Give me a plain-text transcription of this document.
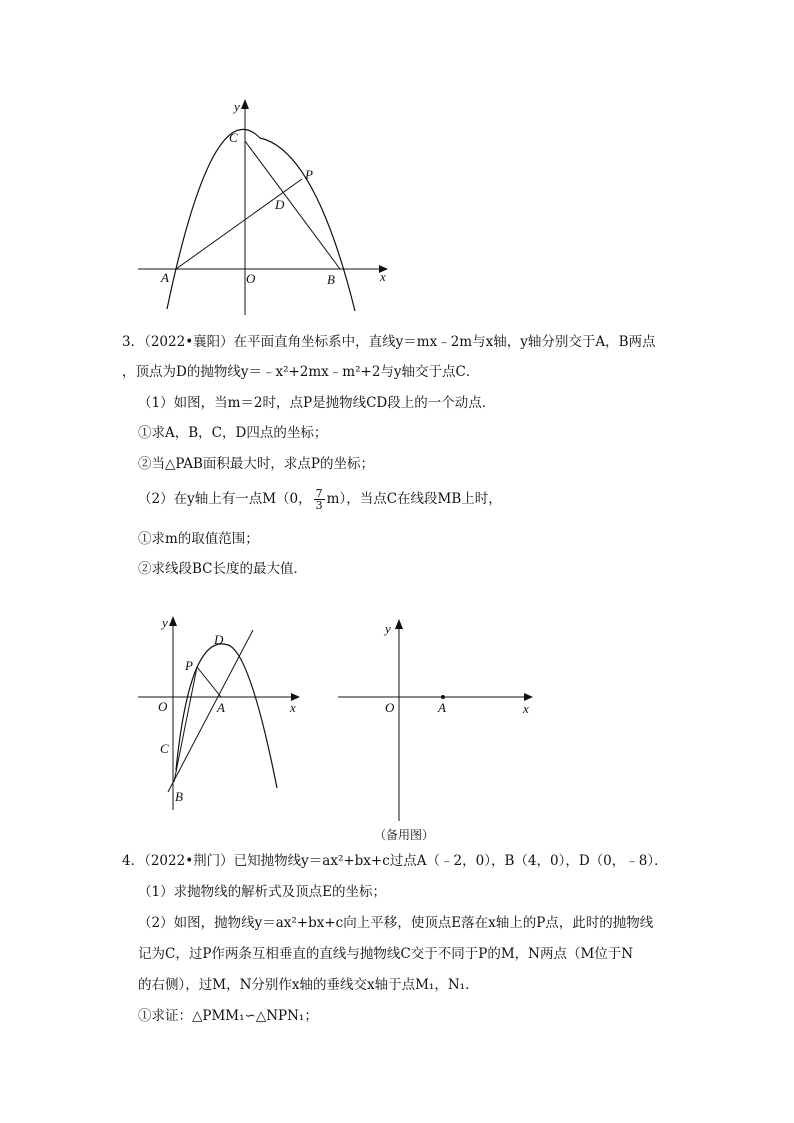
y
x
C
P
D
A	O	B
3．（2022•襄阳）在平面直角坐标系中，直线y＝mx﹣2m与x轴，y轴分别交于A，B两点
，顶点为D的抛物线y＝﹣x²+2mx﹣m²+2与y轴交于点C．
（1）如图，当m＝2时，点P是抛物线CD段上的一个动点．
①求A，B，C，D四点的坐标；
②当△PAB面积最大时，求点P的坐标；
（2）在y轴上有一点M（0， $\frac{7}{3} m$），当点C在线段MB上时，
①求m的取值范围；
②求线段BC长度的最大值．
y
x
D
P
O	A
C
B
y
x
O	A
（备用图）
4．（2022•荆门）已知抛物线y＝ax²+bx+c过点A（﹣2，0），B（4，0），D（0，﹣8）．
（1）求抛物线的解析式及顶点E的坐标；
（2）如图，抛物线y＝ax²+bx+c向上平移，使顶点E落在x轴上的P点，此时的抛物线
记为C，过P作两条互相垂直的直线与抛物线C交于不同于P的M，N两点（M位于N
的右侧），过M，N分别作x轴的垂线交x轴于点M₁，N₁．
①求证：△PMM₁∽△NPN₁；
